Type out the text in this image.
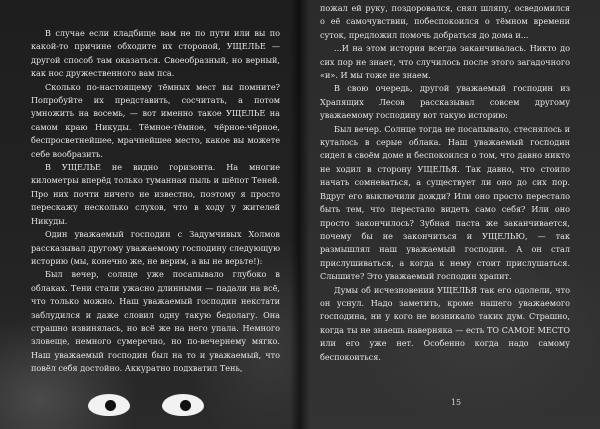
В случае если кладбище вам не по пути или вы по какой-то причине обходите их стороной, УЩЕЛЬЕ — другой способ там оказаться. Своеобразный, но верный, как нос дружественного вам пса.

Сколько по-настоящему тёмных мест вы помните? Попробуйте их представить, сосчитать, а потом умножить на восемь, — вот именно такое УЩЕЛЬЕ на самом краю Никуды. Тёмное-тёмное, чёрное-чёрное, беспросветнейшее, мрачнейшее место, какое вы можете себе вообразить.

В УЩЕЛЬЕ не видно горизонта. На многие километры вперёд только туманная пыль и шёпот Теней. Про них почти ничего не известно, поэтому я просто перескажу несколько слухов, что в ходу у жителей Никуды.

Один уважаемый господин с Задумчивых Холмов рассказывал другому уважаемому господину следующую историю (мы, конечно же, не верим, а вы не верьте!):

Был вечер, солнце уже посапывало глубоко в облаках. Тени стали ужасно длинными — падали на всё, что только можно. Наш уважаемый господин некстати заблудился и даже словил одну такую бедолагу. Она страшно извинялась, но всё же на него упала. Немного зловеще, немного сумеречно, но по-вечернему мягко. Наш уважаемый господин был на то и уважаемый, что повёл себя достойно. Аккуратно подхватил Тень,

пожал ей руку, поздоровался, снял шляпу, осведомился о её самочувствии, побеспокоился о тёмном времени суток, предложил помочь добраться до дома и...

...И на этом история всегда заканчивалась. Никто до сих пор не знает, что случилось после этого загадочного «и». И мы тоже не знаем.

В свою очередь, другой уважаемый господин из Храпящих Лесов рассказывал совсем другому уважаемому господину вот такую историю:

Был вечер. Солнце тогда не посапывало, стеснялось и куталось в серые облака. Наш уважаемый господин сидел в своём доме и беспокоился о том, что давно никто не ходил в сторону УЩЕЛЬЯ. Так давно, что стоило начать сомневаться, а существует ли оно до сих пор. Вдруг его выключили дожди? Или оно просто перестало быть тем, что перестало видеть само себя? Или оно просто закончилось? Зубная паста же заканчивается, почему бы не закончиться и УЩЕЛЬЮ, — так размышлял наш уважаемый господин. А он стал прислушиваться, а когда к нему стоит прислушаться. Слышите? Это уважаемый господин храпит.

Думы об исчезновении УЩЕЛЬЯ так его одолели, что он уснул. Надо заметить, кроме нашего уважаемого господина, ни у кого не возникало таких дум. Страшно, когда ты не знаешь наверняка — есть ТО САМОЕ МЕСТО или его уже нет. Особенно когда надо самому беспокоиться.

15
